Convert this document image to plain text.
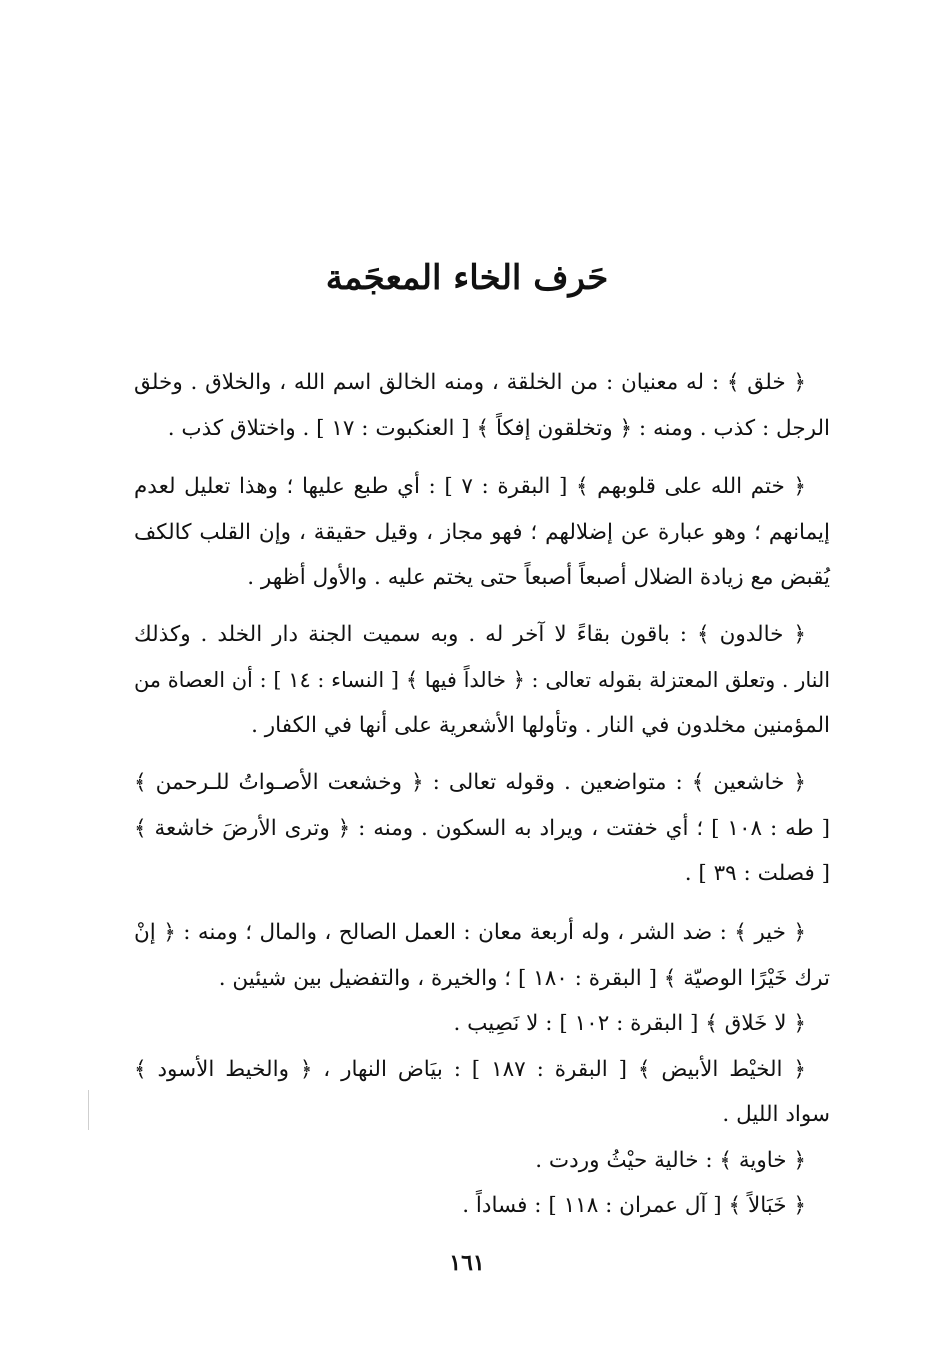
حَرف الخاء المعجَمة
﴿ خلق ﴾ : له معنيان : من الخلقة ، ومنه الخالق اسم الله ، والخلاق . وخلق
الرجل : كذب . ومنه : ﴿ وتخلقون إفكاً ﴾ [ العنكبوت : ١٧ ] . واختلاق كذب .
﴿ ختم الله على قلوبهم ﴾ [ البقرة : ٧ ] : أي طبع عليها ؛ وهذا تعليل لعدم
إيمانهم ؛ وهو عبارة عن إضلالهم ؛ فهو مجاز ، وقيل حقيقة ، وإن القلب كالكف
يُقبض مع زيادة الضلال أصبعاً أصبعاً حتى يختم عليه . والأول أظهر .
﴿ خالدون ﴾ : باقون بقاءً لا آخر له . وبه سميت الجنة دار الخلد . وكذلك
النار . وتعلق المعتزلة بقوله تعالى : ﴿ خالداً فيها ﴾ [ النساء : ١٤ ] : أن العصاة من
المؤمنين مخلدون في النار . وتأولها الأشعرية على أنها في الكفار .
﴿ خاشعين ﴾ : متواضعين . وقوله تعالى : ﴿ وخشعت الأصـواتُ للـرحمن ﴾
[ طه : ١٠٨ ] ؛ أي خفتت ، ويراد به السكون . ومنه : ﴿ وترى الأرضَ خاشعة ﴾
[ فصلت : ٣٩ ] .
﴿ خير ﴾ : ضد الشر ، وله أربعة معان : العمل الصالح ، والمال ؛ ومنه : ﴿ إنْ
ترك خَيْرًا الوصيّة ﴾ [ البقرة : ١٨٠ ] ؛ والخيرة ، والتفضيل بين شيئين .
﴿ لا خَلاق ﴾ [ البقرة : ١٠٢ ] : لا نَصِيب .
﴿ الخيْط الأبيض ﴾ [ البقرة : ١٨٧ ] : بيَاض النهار ، ﴿ والخيط الأسود ﴾
سواد الليل .
﴿ خاوية ﴾ : خالية حيْثُ وردت .
﴿ خَبَالاً ﴾ [ آل عمران : ١١٨ ] : فساداً .
١٦١
